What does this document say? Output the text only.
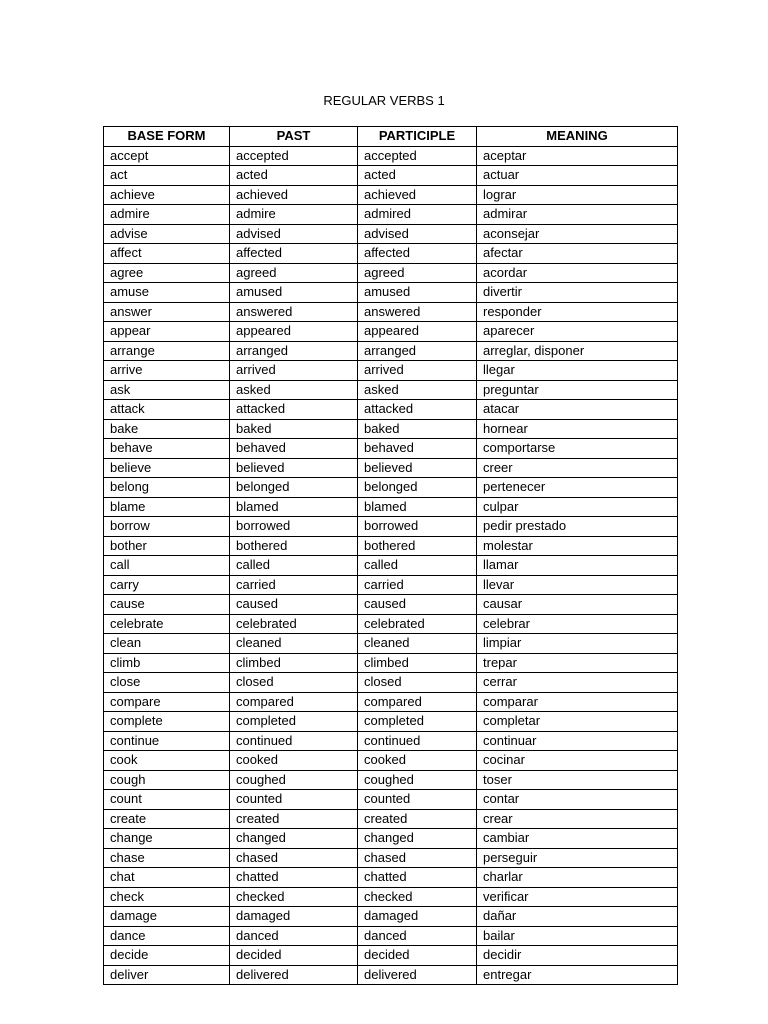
REGULAR VERBS 1
BASE FORM	PAST	PARTICIPLE	MEANING
accept	accepted	accepted	aceptar
act	acted	acted	actuar
achieve	achieved	achieved	lograr
admire	admire	admired	admirar
advise	advised	advised	aconsejar
affect	affected	affected	afectar
agree	agreed	agreed	acordar
amuse	amused	amused	divertir
answer	answered	answered	responder
appear	appeared	appeared	aparecer
arrange	arranged	arranged	arreglar, disponer
arrive	arrived	arrived	llegar
ask	asked	asked	preguntar
attack	attacked	attacked	atacar
bake	baked	baked	hornear
behave	behaved	behaved	comportarse
believe	believed	believed	creer
belong	belonged	belonged	pertenecer
blame	blamed	blamed	culpar
borrow	borrowed	borrowed	pedir prestado
bother	bothered	bothered	molestar
call	called	called	llamar
carry	carried	carried	llevar
cause	caused	caused	causar
celebrate	celebrated	celebrated	celebrar
clean	cleaned	cleaned	limpiar
climb	climbed	climbed	trepar
close	closed	closed	cerrar
compare	compared	compared	comparar
complete	completed	completed	completar
continue	continued	continued	continuar
cook	cooked	cooked	cocinar
cough	coughed	coughed	toser
count	counted	counted	contar
create	created	created	crear
change	changed	changed	cambiar
chase	chased	chased	perseguir
chat	chatted	chatted	charlar
check	checked	checked	verificar
damage	damaged	damaged	dañar
dance	danced	danced	bailar
decide	decided	decided	decidir
deliver	delivered	delivered	entregar
